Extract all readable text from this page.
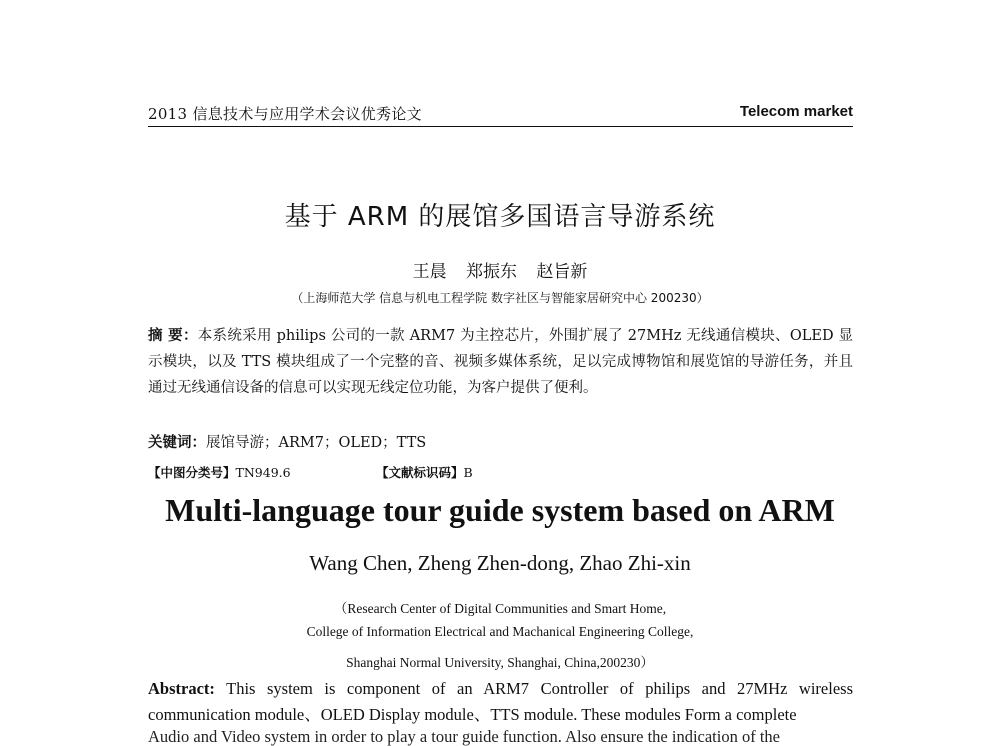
2013 信息技术与应用学术会议优秀论文	Telecom market
基于 ARM 的展馆多国语言导游系统
王晨 郑振东 赵旨新
（上海师范大学 信息与机电工程学院 数字社区与智能家居研究中心 200230）
摘 要：本系统采用 philips 公司的一款 ARM7 为主控芯片，外围扩展了 27MHz 无线通信模块、OLED 显示模块，以及 TTS 模块组成了一个完整的音、视频多媒体系统，足以完成博物馆和展览馆的导游任务，并且通过无线通信设备的信息可以实现无线定位功能，为客户提供了便利。
关键词：展馆导游；ARM7；OLED；TTS
【中图分类号】TN949.6	【文献标识码】B
Multi-language tour guide system based on ARM
Wang Chen, Zheng Zhen-dong, Zhao Zhi-xin
（Research Center of Digital Communities and Smart Home,
College of Information Electrical and Machanical Engineering College,
Shanghai Normal University, Shanghai, China,200230）
Abstract: This system is component of an ARM7 Controller of philips and 27MHz wireless communication module、OLED Display module、TTS module. These modules Form a complete
Audio and Video system in order to play a tour guide function. Also ensure the indication of the
